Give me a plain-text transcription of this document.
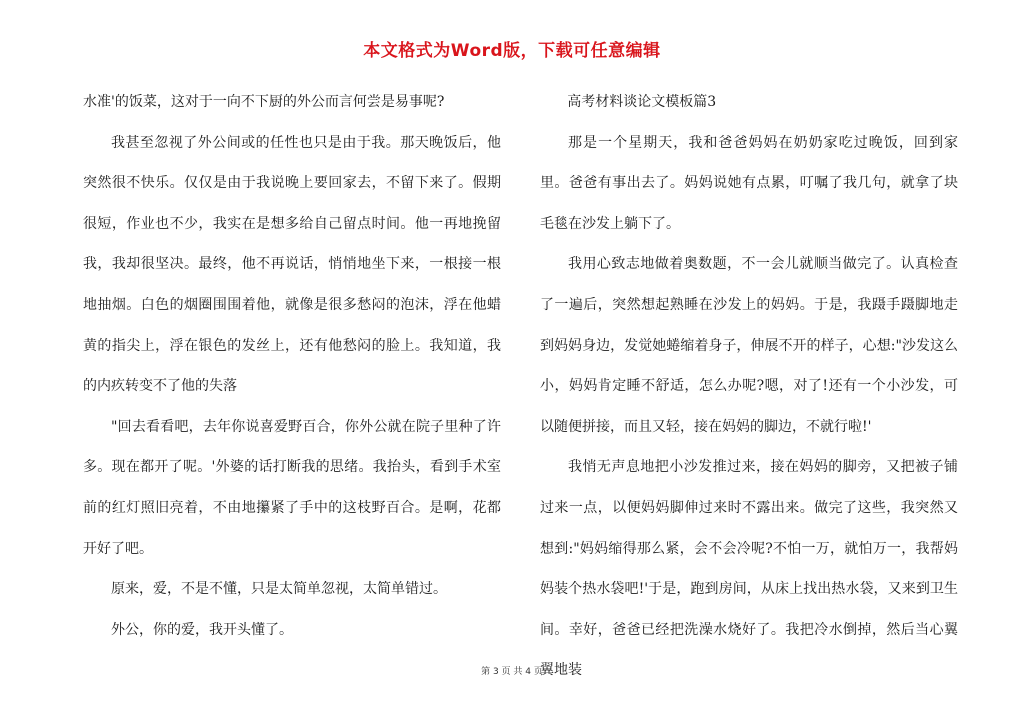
本文格式为Word版，下载可任意编辑

水准'的饭菜，这对于一向不下厨的外公而言何尝是易事呢?

我甚至忽视了外公间或的任性也只是由于我。那天晚饭后，他突然很不快乐。仅仅是由于我说晚上要回家去，不留下来了。假期很短，作业也不少，我实在是想多给自己留点时间。他一再地挽留我，我却很坚决。最终，他不再说话，悄悄地坐下来，一根接一根地抽烟。白色的烟圈围围着他，就像是很多愁闷的泡沫，浮在他蜡黄的指尖上，浮在银色的发丝上，还有他愁闷的脸上。我知道，我的内疚转变不了他的失落

"回去看看吧，去年你说喜爱野百合，你外公就在院子里种了许多。现在都开了呢。'外婆的话打断我的思绪。我抬头，看到手术室前的红灯照旧亮着，不由地攥紧了手中的这枝野百合。是啊，花都开好了吧。

原来，爱，不是不懂，只是太简单忽视，太简单错过。

外公，你的爱，我开头懂了。

高考材料谈论文模板篇3

那是一个星期天，我和爸爸妈妈在奶奶家吃过晚饭，回到家里。爸爸有事出去了。妈妈说她有点累，叮嘱了我几句，就拿了块毛毯在沙发上躺下了。

我用心致志地做着奥数题，不一会儿就顺当做完了。认真检查了一遍后，突然想起熟睡在沙发上的妈妈。于是，我蹑手蹑脚地走到妈妈身边，发觉她蜷缩着身子，伸展不开的样子，心想:"沙发这么小，妈妈肯定睡不舒适，怎么办呢?嗯，对了!还有一个小沙发，可以随便拼接，而且又轻，接在妈妈的脚边，不就行啦!'

我悄无声息地把小沙发推过来，接在妈妈的脚旁，又把被子铺过来一点，以便妈妈脚伸过来时不露出来。做完了这些，我突然又想到:"妈妈缩得那么紧，会不会冷呢?不怕一万，就怕万一，我帮妈妈装个热水袋吧!'于是，跑到房间，从床上找出热水袋，又来到卫生间。幸好，爸爸已经把洗澡水烧好了。我把冷水倒掉，然后当心翼翼地装

第 3 页 共 4 页
